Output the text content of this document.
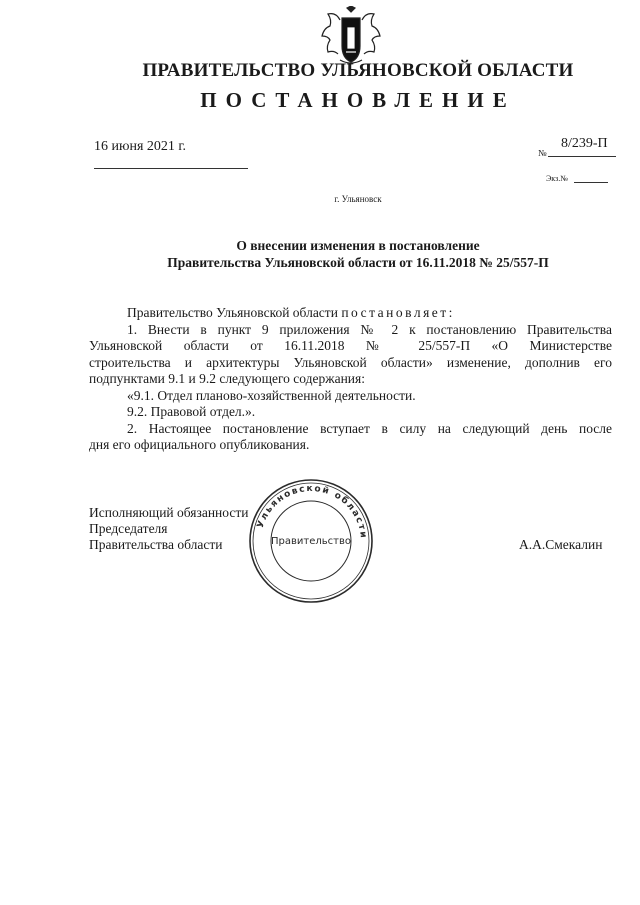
ПРАВИТЕЛЬСТВО УЛЬЯНОВСКОЙ ОБЛАСТИ
ПОСТАНОВЛЕНИЕ
16 июня 2021 г.	№
8/239-П
Экз.№
г. Ульяновск
О внесении изменения в постановление
Правительства Ульяновской области от 16.11.2018 № 25/557-П

Правительство Ульяновской области постановляет:

1. Внести в пункт 9 приложения № 2 к постановлению Правительства

Ульяновской области от 16.11.2018 № 25/557-П «О Министерстве

строительства и архитектуры Ульяновской области» изменение, дополнив его

подпунктами 9.1 и 9.2 следующего содержания:

«9.1. Отдел планово-хозяйственной деятельности.

9.2. Правовой отдел.».

2. Настоящее постановление вступает в силу на следующий день после

дня его официального опубликования.

Исполняющий обязанности
Председателя
Правительства области	А.А.Смекалин
Ульяновской области
Правительство
